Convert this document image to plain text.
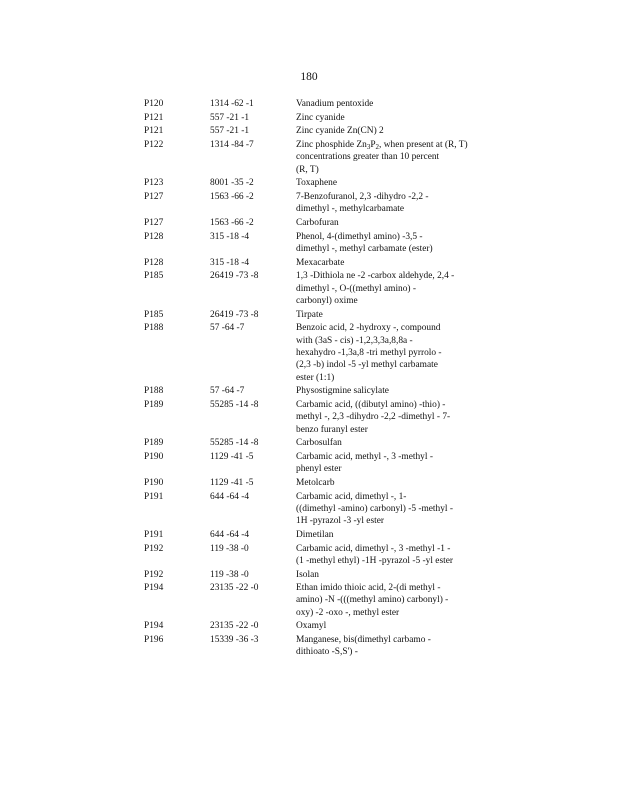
180
P120	1314 -62 -1	Vanadium pentoxide
P121	557 -21 -1	Zinc cyanide
P121	557 -21 -1	Zinc cyanide Zn(CN) 2
P122	1314 -84 -7	Zinc phosphide $Zn_3P_2$, when present at (R, T)
concentrations greater than 10 percent
(R, T)
P123	8001 -35 -2	Toxaphene
P127	1563 -66 -2	7-Benzofuranol, 2,3 -dihydro -2,2 -
dimethyl -, methylcarbamate
P127	1563 -66 -2	Carbofuran
P128	315 -18 -4	Phenol, 4-(dimethyl amino) -3,5 -
dimethyl -, methyl carbamate (ester)
P128	315 -18 -4	Mexacarbate
P185	26419 -73 -8	1,3 -Dithiola ne -2 -carbox aldehyde, 2,4 -
dimethyl -, O-((methyl amino) -
carbonyl) oxime
P185	26419 -73 -8	Tirpate
P188	57 -64 -7	Benzoic acid, 2 -hydroxy -, compound
with (3aS - cis) -1,2,3,3a,8,8a -
hexahydro -1,3a,8 -tri methyl pyrrolo -
(2,3 -b) indol -5 -yl methyl carbamate
ester (1:1)
P188	57 -64 -7	Physostigmine salicylate
P189	55285 -14 -8	Carbamic acid, ((dibutyl amino) -thio) -
methyl -, 2,3 -dihydro -2,2 -dimethyl - 7-
benzo furanyl ester
P189	55285 -14 -8	Carbosulfan
P190	1129 -41 -5	Carbamic acid, methyl -, 3 -methyl -
phenyl ester
P190	1129 -41 -5	Metolcarb
P191	644 -64 -4	Carbamic acid, dimethyl -, 1-
((dimethyl -amino) carbonyl) -5 -methyl -
1H -pyrazol -3 -yl ester
P191	644 -64 -4	Dimetilan
P192	119 -38 -0	Carbamic acid, dimethyl -, 3 -methyl -1 -
(1 -methyl ethyl) -1H -pyrazol -5 -yl ester
P192	119 -38 -0	Isolan
P194	23135 -22 -0	Ethan imido thioic acid, 2-(di methyl -
amino) -N -(((methyl amino) carbonyl) -
oxy) -2 -oxo -, methyl ester
P194	23135 -22 -0	Oxamyl
P196	15339 -36 -3	Manganese, bis(dimethyl carbamo -
dithioato -S,S') -
